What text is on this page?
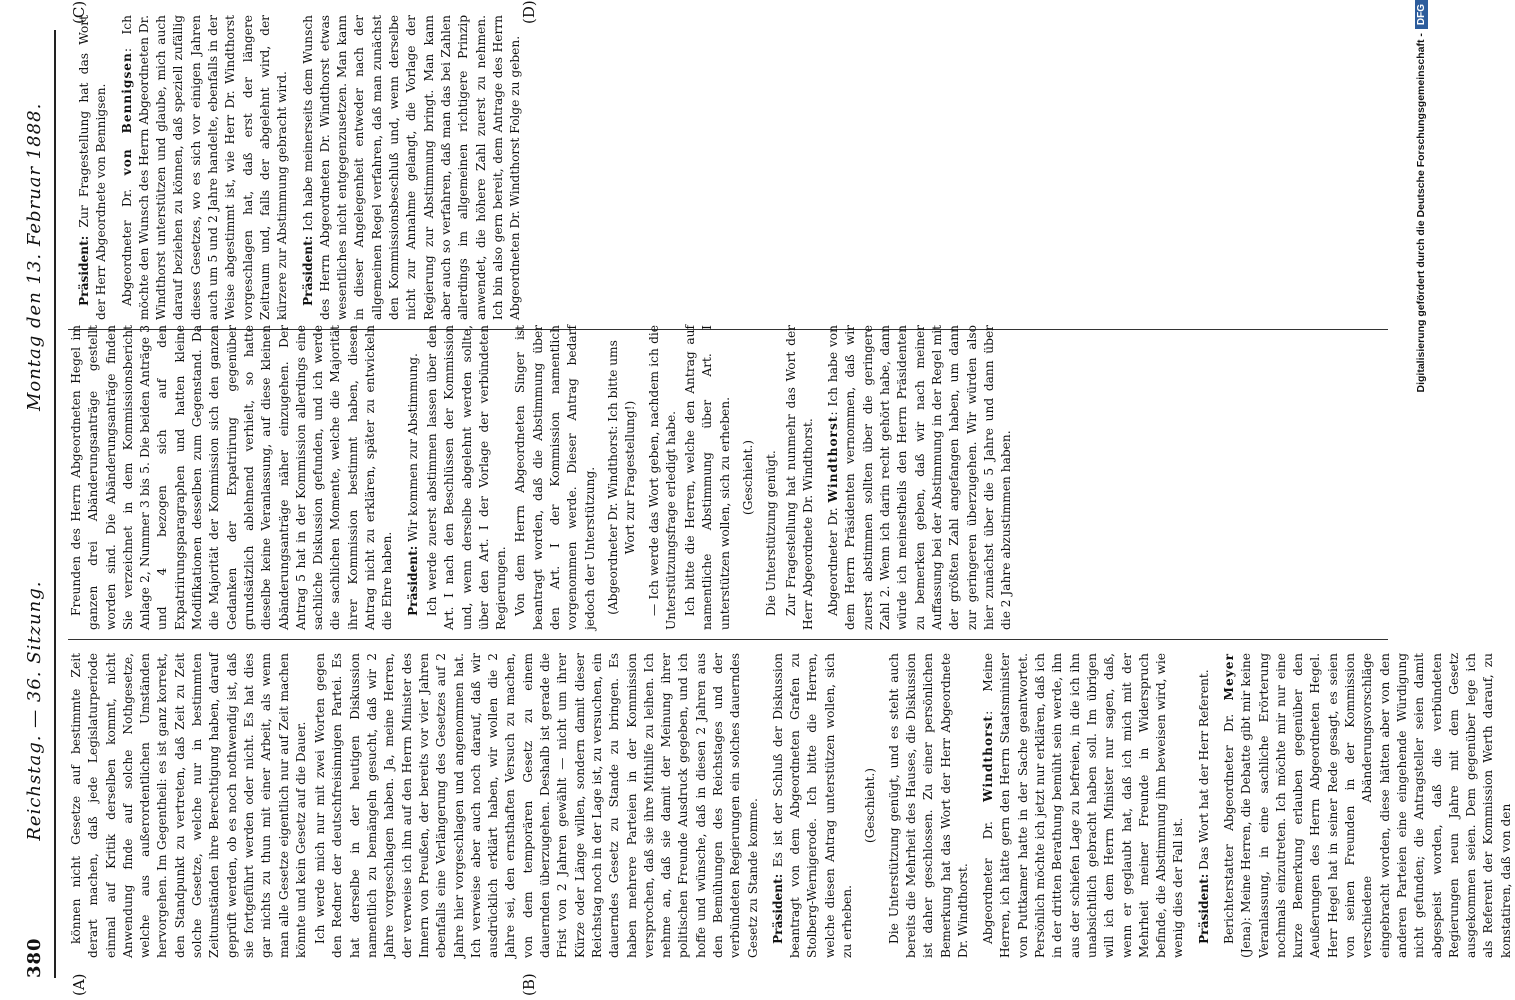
380
Reichstag. — 36. Sitzung.
Montag den 13. Februar 1888.
(A)	(B)
(C)	(D)

können nicht Gesetze auf bestimmte Zeit derart machen, daß jede Legislaturperiode einmal auf Kritik derselben kommt, nicht Anwendung finde auf solche Nothgesetze, welche aus außerordentlichen Umständen hervorgehen. Im Gegentheil: es ist ganz korrekt, den Standpunkt zu vertreten, daß Zeit zu Zeit solche Gesetze, welche nur in bestimmten Zeitumständen ihre Berechtigung haben, darauf geprüft werden, ob es noch nothwendig ist, daß sie fortgeführt werden oder nicht. Es hat dies gar nichts zu thun mit einer Arbeit, als wenn man alle Gesetze eigentlich nur auf Zeit machen könnte und kein Gesetz auf die Dauer. Ich werde mich nur mit zwei Worten gegen den Redner der deutschfreisinnigen Partei. Es hat derselbe in der heutigen Diskussion namentlich zu bemängeln gesucht, daß wir 2 Jahre vorgeschlagen haben. Ja, meine Herren, der verweise ich ihn auf den Herrn Minister des Innern von Preußen, der bereits vor vier Jahren ebenfalls eine Verlängerung des Gesetzes auf 2 Jahre hier vorgeschlagen und angenommen hat. Ich verweise aber auch noch darauf, daß wir ausdrücklich erklärt haben, wir wollen die 2 Jahre sei, den ernsthaften Versuch zu machen, von dem temporären Gesetz zu einem dauernden überzugehen. Deshalb ist gerade die Frist von 2 Jahren gewählt — nicht um ihrer Kürze oder Länge willen, sondern damit dieser Reichstag noch in der Lage ist, zu versuchen, ein dauerndes Gesetz zu Stande zu bringen. Es haben mehrere Parteien in der Kommission versprochen, daß sie ihre Mithilfe zu leihen. Ich nehme an, daß sie damit der Meinung ihrer politischen Freunde Ausdruck gegeben, und ich hoffe und wünsche, daß in diesen 2 Jahren aus den Bemühungen des Reichstages und der verbündeten Regierungen ein solches dauerndes Gesetz zu Stande komme. Präsident: Es ist der Schluß der Diskussion beantragt von dem Abgeordneten Grafen zu Stolberg-Wernigerode. Ich bitte die Herren, welche diesen Antrag unterstützen wollen, sich zu erheben.

(Geschieht.) Die Unterstützung genügt, und es steht auch bereits die Mehrheit des Hauses, die Diskussion ist daher geschlossen. Zu einer persönlichen Bemerkung hat das Wort der Herr Abgeordnete Dr. Windthorst. Abgeordneter Dr. Windthorst: Meine Herren, ich hätte gern den Herrn Staatsminister von Puttkamer hatte in der Sache geantwortet. Persönlich möchte ich jetzt nur erklären, daß ich in der dritten Berathung bemüht sein werde, ihn aus der schiefen Lage zu befreien, in die ich ihn unabsichtlich gebracht haben soll. Im übrigen will ich dem Herrn Minister nur sagen, daß, wenn er geglaubt hat, daß ich mich mit der Mehrheit meiner Freunde in Widerspruch befinde, die Abstimmung ihm beweisen wird, wie wenig dies der Fall ist. Präsident: Das Wort hat der Herr Referent. Berichterstatter Abgeordneter Dr. Meyer (Jena): Meine Herren, die Debatte gibt mir keine Veranlassung, in eine sachliche Erörterung nochmals einzutreten. Ich möchte mir nur eine kurze Bemerkung erlauben gegenüber den Aeußerungen des Herrn Abgeordneten Hegel. Herr Hegel hat in seiner Rede gesagt, es seien von seinen Freunden in der Kommission verschiedene Abänderungsvorschläge eingebracht worden, diese hätten aber von den anderen Parteien eine eingehende Würdigung nicht gefunden; die Antragsteller seien damit abgespeist worden, daß die verbündeten Regierungen neun Jahre mit dem Gesetz ausgekommen seien. Dem gegenüber lege ich als Referent der Kommission Werth darauf, zu konstatiren, daß von den

Freunden des Herrn Abgeordneten Hegel im ganzen drei Abänderungsanträge gestellt worden sind. Die Abänderungsanträge finden Sie verzeichnet in dem Kommissionsbericht Anlage 2, Nummer 3 bis 5. Die beiden Anträge 3 und 4 bezogen sich auf den Expatriirungsparagraphen und hatten kleine Modifikationen desselben zum Gegenstand. Da die Majorität der Kommission sich den ganzen Gedanken der Expatriirung gegenüber grundsätzlich ablehnend verhielt, so hatte dieselbe keine Veranlassung, auf diese kleinen Abänderungsanträge näher einzugehen. Der Antrag 5 hat in der Kommission allerdings eine sachliche Diskussion gefunden, und ich werde die sachlichen Momente, welche die Majorität ihrer Kommission bestimmt haben, diesen Antrag nicht zu erklären, später zu entwickeln die Ehre haben. Präsident: Wir kommen zur Abstimmung. Ich werde zuerst abstimmen lassen über den Art. I nach den Beschlüssen der Kommission und, wenn derselbe abgelehnt werden sollte, über den Art. I der Vorlage der verbündeten Regierungen. Von dem Herrn Abgeordneten Singer ist beantragt worden, daß die Abstimmung über den Art. I der Kommission namentlich vorgenommen werde. Dieser Antrag bedarf jedoch der Unterstützung. (Abgeordneter Dr. Windthorst: Ich bitte ums Wort zur Fragestellung!) — Ich werde das Wort geben, nachdem ich die Unterstützungsfrage erledigt habe. Ich bitte die Herren, welche den Antrag auf namentliche Abstimmung über Art. I unterstützen wollen, sich zu erheben. (Geschieht.) Die Unterstützung genügt. Zur Fragestellung hat nunmehr das Wort der Herr Abgeordnete Dr. Windthorst. Abgeordneter Dr. Windthorst: Ich habe von dem Herrn Präsidenten vernommen, daß wir zuerst abstimmen sollten über die geringere Zahl 2. Wenn ich darin recht gehört habe, dann würde ich meinestheils den Herrn Präsidenten zu bemerken geben, daß wir nach meiner Auffassung bei der Abstimmung in der Regel mit der größten Zahl angefangen haben, um dann zur geringeren überzugehen. Wir würden also hier zunächst über die 5 Jahre und dann über die 2 Jahre abzustimmen haben.

Präsident: Zur Fragestellung hat das Wort der Herr Abgeordnete von Bennigsen. Abgeordneter Dr. von Bennigsen: Ich möchte den Wunsch des Herrn Abgeordneten Dr. Windthorst unterstützen und glaube, mich auch darauf beziehen zu können, daß speziell zufällig dieses Gesetzes, wo es sich vor einigen Jahren auch um 5 und 2 Jahre handelte, ebenfalls in der Weise abgestimmt ist, wie Herr Dr. Windthorst vorgeschlagen hat, daß erst der längere Zeitraum und, falls der abgelehnt wird, der kürzere zur Abstimmung gebracht wird. Präsident: Ich habe meinerseits dem Wunsch des Herrn Abgeordneten Dr. Windthorst etwas wesentliches nicht entgegenzusetzen. Man kann in dieser Angelegenheit entweder nach der allgemeinen Regel verfahren, daß man zunächst den Kommissionsbeschluß und, wenn derselbe nicht zur Annahme gelangt, die Vorlage der Regierung zur Abstimmung bringt. Man kann aber auch so verfahren, daß man das bei Zahlen allerdings im allgemeinen richtigere Prinzip anwendet, die höhere Zahl zuerst zu nehmen. Ich bin also gern bereit, dem Antrage des Herrn Abgeordneten Dr. Windthorst Folge zu geben.	Digitalisierung gefördert durch die Deutsche Forschungsgemeinschaft -
DFG
